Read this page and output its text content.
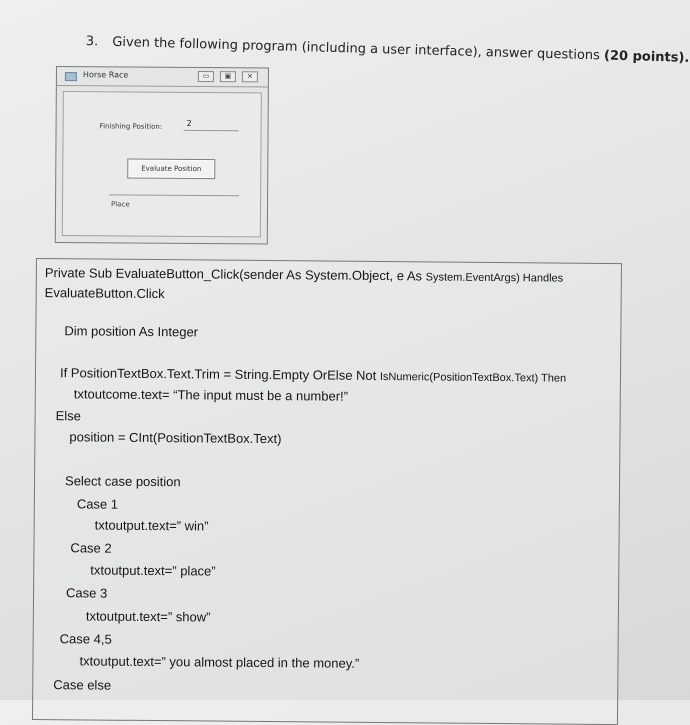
3. Given the following program (including a user interface), answer questions (20 points).
Horse Race	▭	▣	✕
Finishing Position:	2
Evaluate Position
Place
Private Sub EvaluateButton_Click(sender As System.Object, e As System.EventArgs) Handles
EvaluateButton.Click
Dim position As Integer
If PositionTextBox.Text.Trim = String.Empty OrElse Not IsNumeric(PositionTextBox.Text) Then
txtoutcome.text= “The input must be a number!”
Else
position = CInt(PositionTextBox.Text)
Select case position
Case 1
txtoutput.text=” win”
Case 2
txtoutput.text=” place”
Case 3
txtoutput.text=” show”
Case 4,5
txtoutput.text=” you almost placed in the money.”
Case else
